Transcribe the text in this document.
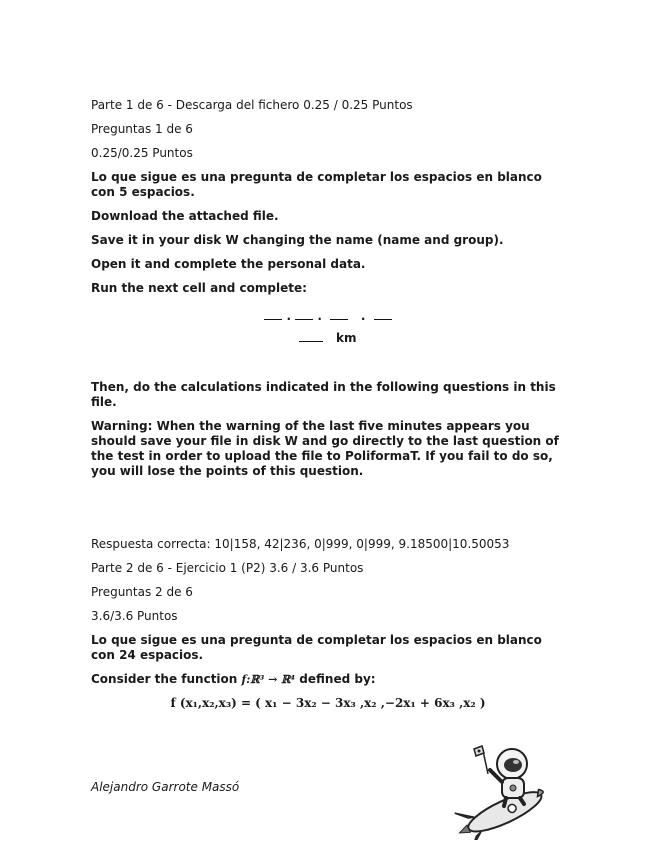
Parte 1 de 6 - Descarga del fichero 0.25 / 0.25 Puntos

Preguntas 1 de 6

0.25/0.25 Puntos

Lo que sigue es una pregunta de completar los espacios en blanco con 5 espacios.

Download the attached file.

Save it in your disk W changing the name (name and group).

Open it and complete the personal data.

Run the next cell and complete:

.  .     .

km

Then, do the calculations indicated in the following questions in this file.

Warning: When the warning of the last five minutes appears you should save your file in disk W and go directly to the last question of the test in order to upload the file to PoliformaT. If you fail to do so, you will lose the points of this question.

Respuesta correcta: 10|158, 42|236, 0|999, 0|999, 9.18500|10.50053

Parte 2 de 6 - Ejercicio 1 (P2) 3.6 / 3.6 Puntos

Preguntas 2 de 6

3.6/3.6 Puntos

Lo que sigue es una pregunta de completar los espacios en blanco con 24 espacios.

Consider the function f:ℝ³ → ℝ⁴ defined by:

f (x₁,x₂,x₃) = ( x₁ − 3x₂ − 3x₃ ,x₂ ,−2x₁ + 6x₃ ,x₂ )

Alejandro Garrote Massó
